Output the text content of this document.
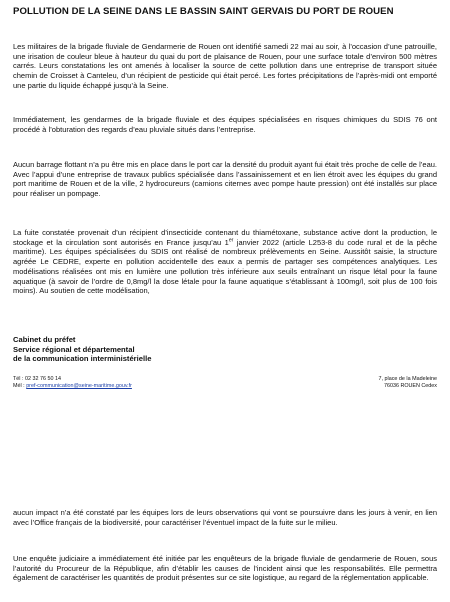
POLLUTION DE LA SEINE DANS LE BASSIN SAINT GERVAIS DU PORT DE ROUEN

Les militaires de la brigade fluviale de Gendarmerie de Rouen ont identifié samedi 22 mai au soir, à l’occasion d’une patrouille, une irisation de couleur bleue à hauteur du quai du port de plaisance de Rouen, pour une surface totale d’environ 500 mètres carrés. Leurs constatations les ont amenés à localiser la source de cette pollution dans une entreprise de transport située chemin de Croisset à Canteleu, d’un récipient de pesticide qui était percé. Les fortes précipitations de l’après-midi ont emporté une partie du liquide échappé jusqu’à la Seine.

Immédiatement, les gendarmes de la brigade fluviale et des équipes spécialisées en risques chimiques du SDIS 76 ont procédé à l’obturation des regards d’eau pluviale situés dans l’entreprise.

Aucun barrage flottant n’a pu être mis en place dans le port car la densité du produit ayant fui était très proche de celle de l’eau. Avec l’appui d’une entreprise de travaux publics spécialisée dans l’assainissement et en lien étroit avec les équipes du grand port maritime de Rouen et de la ville, 2 hydrocureurs (camions citernes avec pompe haute pression) ont été installés sur place pour réaliser un pompage.

La fuite constatée provenait d’un récipient d’insecticide contenant du thiamétoxane, substance active dont la production, le stockage et la circulation sont autorisés en France jusqu’au 1er janvier 2022 (article L253-8 du code rural et de la pêche maritime). Les équipes spécialisées du SDIS ont réalisé de nombreux prélèvements en Seine. Aussitôt saisie, la structure agréée Le CEDRE, experte en pollution accidentelle des eaux a permis de partager ses compétences analytiques. Les modélisations réalisées ont mis en lumière une pollution très inférieure aux seuils entraînant un risque létal pour la faune aquatique (à savoir de l’ordre de 0,8mg/l la dose létale pour la faune aquatique s’établissant à 100mg/l, soit plus de 100 fois moins). Au soutien de cette modélisation,

Cabinet du préfet
Service régional et départemental
de la communication interministérielle
Tél : 02 32 76 50 14
Mél : pref-communication@seine-maritime.gouv.fr
7, place de la Madeleine
76036 ROUEN Cedex

aucun impact n’a été constaté par les équipes lors de leurs observations qui vont se poursuivre dans les jours à venir, en lien avec l’Office français de la biodiversité, pour caractériser l’éventuel impact de la fuite sur le milieu.

Une enquête judiciaire a immédiatement été initiée par les enquêteurs de la brigade fluviale de gendarmerie de Rouen, sous l’autorité du Procureur de la République, afin d’établir les causes de l’incident ainsi que les responsabilités. Elle permettra également de caractériser les quantités de produit présentes sur ce site logistique, au regard de la réglementation applicable.
